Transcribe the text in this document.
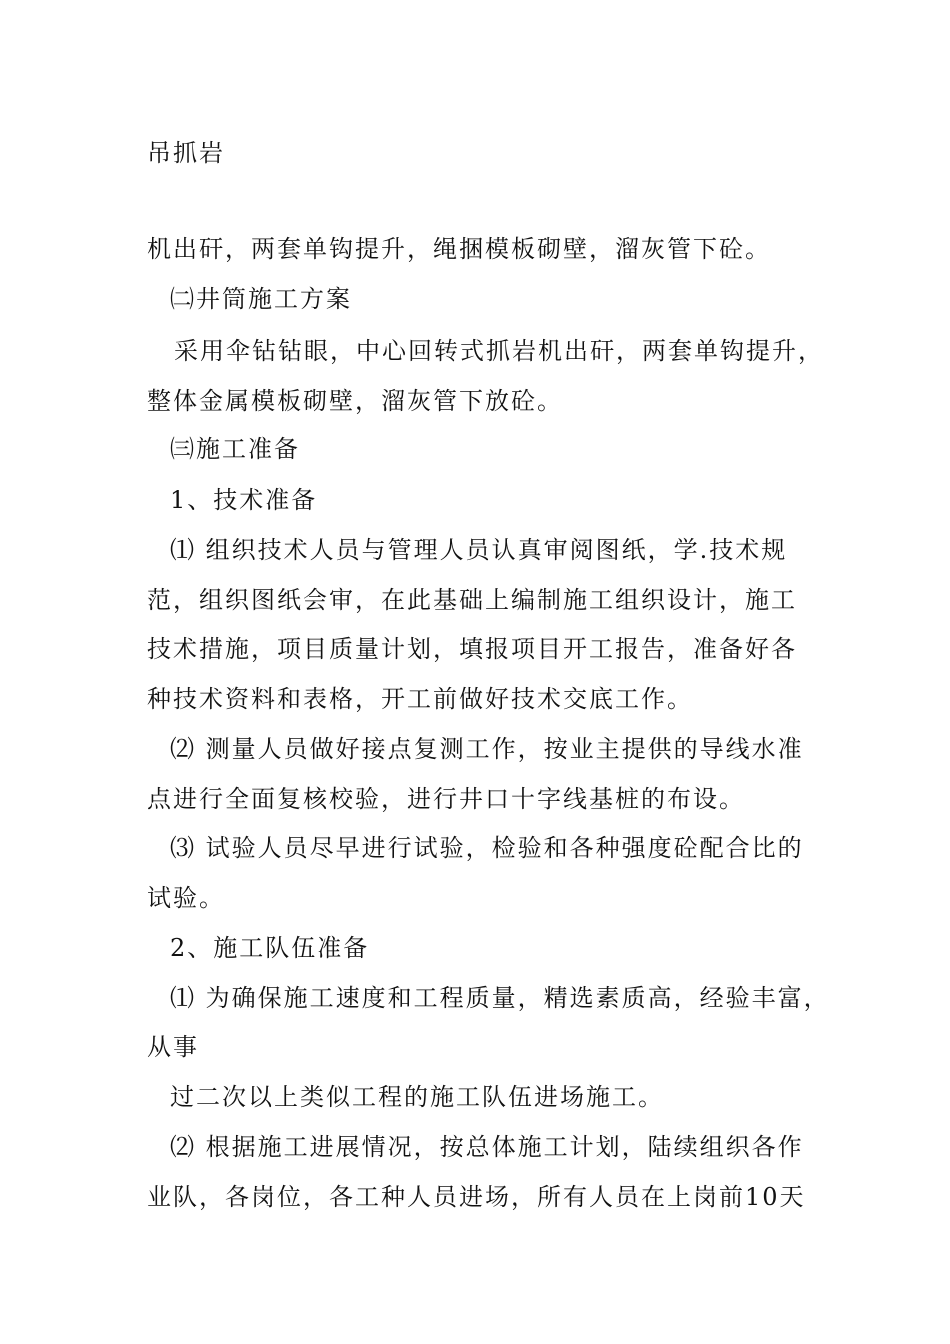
吊抓岩
机出矸，两套单钩提升，绳捆模板砌壁，溜灰管下砼。
㈡井筒施工方案
采用伞钻钻眼，中心回转式抓岩机出矸，两套单钩提升，
整体金属模板砌壁，溜灰管下放砼。
㈢施工准备
1、技术准备
⑴ 组织技术人员与管理人员认真审阅图纸，学.技术规
范，组织图纸会审，在此基础上编制施工组织设计，施工
技术措施，项目质量计划，填报项目开工报告，准备好各
种技术资料和表格，开工前做好技术交底工作。
⑵ 测量人员做好接点复测工作，按业主提供的导线水准
点进行全面复核校验，进行井口十字线基桩的布设。
⑶ 试验人员尽早进行试验，检验和各种强度砼配合比的
试验。
2、施工队伍准备
⑴ 为确保施工速度和工程质量，精选素质高，经验丰富，
从事
过二次以上类似工程的施工队伍进场施工。
⑵ 根据施工进展情况，按总体施工计划，陆续组织各作
业队，各岗位，各工种人员进场，所有人员在上岗前10天
